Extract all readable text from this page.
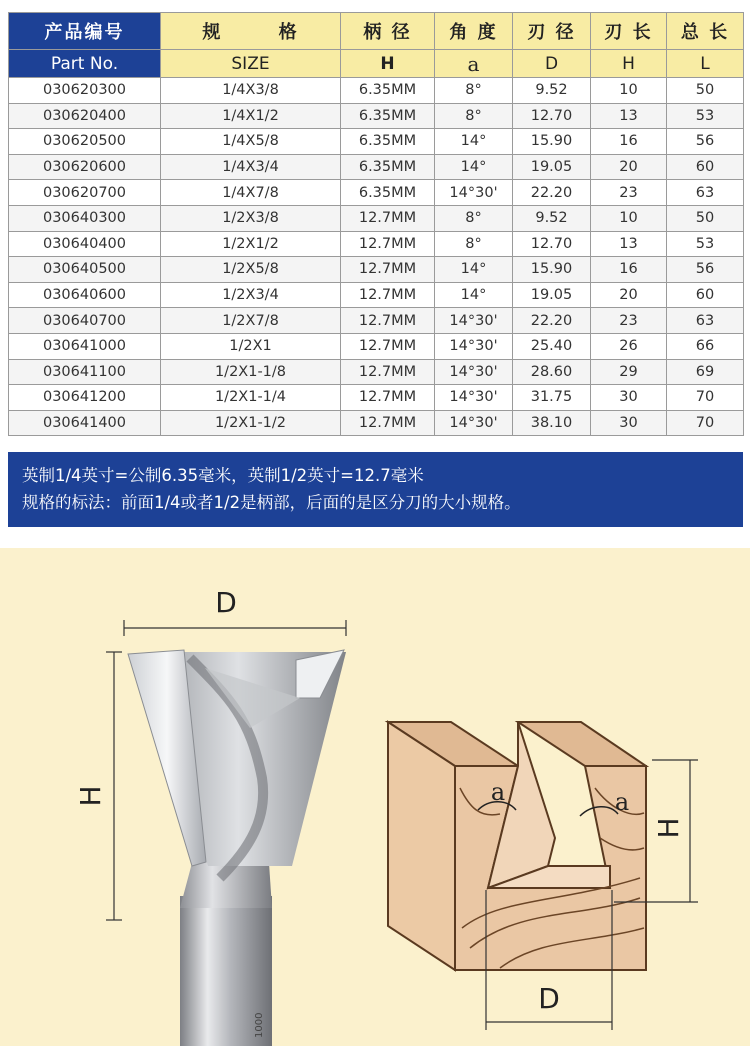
产品编号	规 格	柄 径	角 度	刃 径	刃 长	总 长
Part No.	SIZE	H	a	D	H	L
030620300	1/4X3/8	6.35MM	8°	9.52	10	50
030620400	1/4X1/2	6.35MM	8°	12.70	13	53
030620500	1/4X5/8	6.35MM	14°	15.90	16	56
030620600	1/4X3/4	6.35MM	14°	19.05	20	60
030620700	1/4X7/8	6.35MM	14°30'	22.20	23	63
030640300	1/2X3/8	12.7MM	8°	9.52	10	50
030640400	1/2X1/2	12.7MM	8°	12.70	13	53
030640500	1/2X5/8	12.7MM	14°	15.90	16	56
030640600	1/2X3/4	12.7MM	14°	19.05	20	60
030640700	1/2X7/8	12.7MM	14°30'	22.20	23	63
030641000	1/2X1	12.7MM	14°30'	25.40	26	66
030641100	1/2X1-1/8	12.7MM	14°30'	28.60	29	69
030641200	1/2X1-1/4	12.7MM	14°30'	31.75	30	70
030641400	1/2X1-1/2	12.7MM	14°30'	38.10	30	70
英制1/4英寸=公制6.35毫米，英制1/2英寸=12.7毫米
规格的标法：前面1/4或者1/2是柄部，后面的是区分刀的大小规格。
D
H
1000
a	a
H
D
